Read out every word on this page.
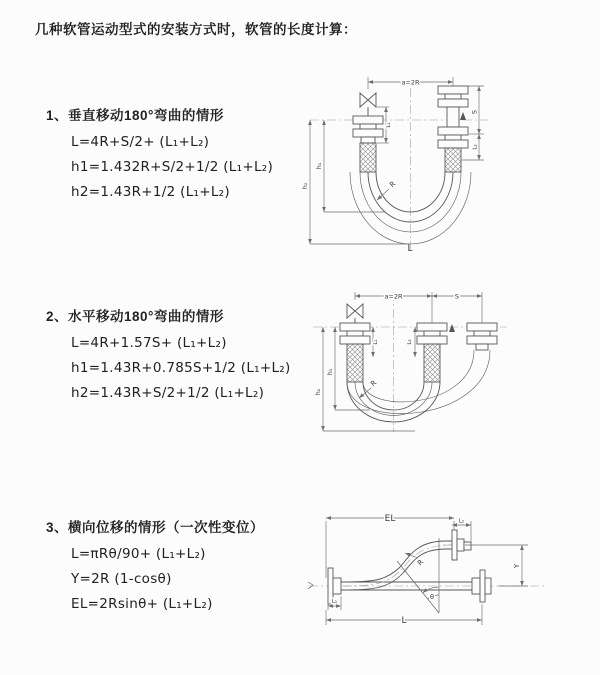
几种软管运动型式的安装方式时，软管的长度计算：

1、垂直移动180°弯曲的情形

L=4R+S/2+ (L₁+L₂)

h1=1.432R+S/2+1/2 (L₁+L₂)

h2=1.43R+1/2 (L₁+L₂)

2、水平移动180°弯曲的情形

L=4R+1.57S+ (L₁+L₂)

h1=1.43R+0.785S+1/2 (L₁+L₂)

h2=1.43R+S/2+1/2 (L₁+L₂)

3、横向位移的情形（一次性变位）

L=πRθ/90+ (L₁+L₂)

Y=2R (1-cosθ)

EL=2Rsinθ+ (L₁+L₂)

a=2R
L₁
S
L₂
h₁
h₂	R
L
a=2R	S
L₁	L₂
h₁
h₂
R
θ
EL	L₂
Y
L
L₁
R
